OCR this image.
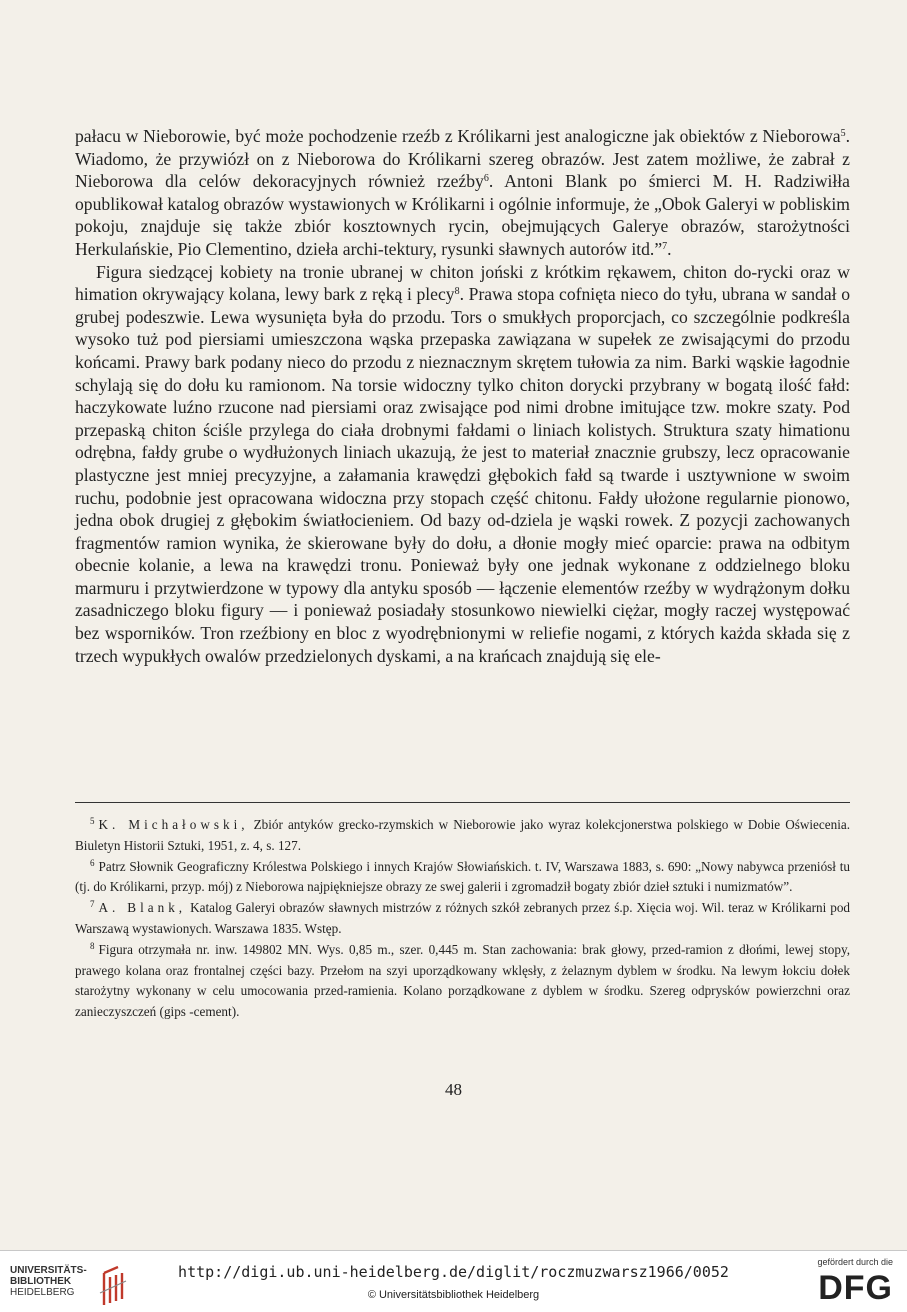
pałacu w Nieborowie, być może pochodzenie rzeźb z Królikarni jest analogiczne jak obiektów z Nieborowa$^5$. Wiadomo, że przywiózł on z Nieborowa do Królikarni szereg obrazów. Jest zatem możliwe, że zabrał z Nieborowa dla celów dekoracyjnych również rzeźby$^6$. Antoni Blank po śmierci M. H. Radziwiłła opublikował katalog obrazów wystawionych w Królikarni i ogólnie informuje, że „Obok Galeryi w pobliskim pokoju, znajduje się także zbiór kosztownych rycin, obejmujących Galerye obrazów, starożytności Herkulańskie, Pio Clementino, dzieła archi-tektury, rysunki sławnych autorów itd.”$^7$.

Figura siedzącej kobiety na tronie ubranej w chiton joński z krótkim rękawem, chiton do-rycki oraz w himation okrywający kolana, lewy bark z ręką i plecy$^8$. Prawa stopa cofnięta nieco do tyłu, ubrana w sandał o grubej podeszwie. Lewa wysunięta była do przodu. Tors o smukłych proporcjach, co szczególnie podkreśla wysoko tuż pod piersiami umieszczona wąska przepaska zawiązana w supełek ze zwisającymi do przodu końcami. Prawy bark podany nieco do przodu z nieznacznym skrętem tułowia za nim. Barki wąskie łagodnie schylają się do dołu ku ramionom. Na torsie widoczny tylko chiton dorycki przybrany w bogatą ilość fałd: haczykowate luźno rzucone nad piersiami oraz zwisające pod nimi drobne imitujące tzw. mokre szaty. Pod przepaską chiton ściśle przylega do ciała drobnymi fałdami o liniach kolistych. Struktura szaty himationu odrębna, fałdy grube o wydłużonych liniach ukazują, że jest to materiał znacznie grubszy, lecz opracowanie plastyczne jest mniej precyzyjne, a załamania krawędzi głębokich fałd są twarde i usztywnione w swoim ruchu, podobnie jest opracowana widoczna przy stopach część chitonu. Fałdy ułożone regularnie pionowo, jedna obok drugiej z głębokim światłocieniem. Od bazy od-dziela je wąski rowek. Z pozycji zachowanych fragmentów ramion wynika, że skierowane były do dołu, a dłonie mogły mieć oparcie: prawa na odbitym obecnie kolanie, a lewa na krawędzi tronu. Ponieważ były one jednak wykonane z oddzielnego bloku marmuru i przytwierdzone w typowy dla antyku sposób — łączenie elementów rzeźby w wydrążonym dołku zasadniczego bloku figury — i ponieważ posiadały stosunkowo niewielki ciężar, mogły raczej występować bez wsporników. Tron rzeźbiony en bloc z wyodrębnionymi w reliefie nogami, z których każda składa się z trzech wypukłych owalów przedzielonych dyskami, a na krańcach znajdują się ele-

$^5$ K. Michałowski, Zbiór antyków grecko-rzymskich w Nieborowie jako wyraz kolekcjonerstwa polskiego w Dobie Oświecenia. Biuletyn Historii Sztuki, 1951, z. 4, s. 127.

$^6$ Patrz Słownik Geograficzny Królestwa Polskiego i innych Krajów Słowiańskich. t. IV, Warszawa 1883, s. 690: „Nowy nabywca przeniósł tu (tj. do Królikarni, przyp. mój) z Nieborowa najpiękniejsze obrazy ze swej galerii i zgromadził bogaty zbiór dzieł sztuki i numizmatów”.

$^7$ A. Blank, Katalog Galeryi obrazów sławnych mistrzów z różnych szkół zebranych przez ś.p. Xięcia woj. Wil. teraz w Królikarni pod Warszawą wystawionych. Warszawa 1835. Wstęp.

$^8$ Figura otrzymała nr. inw. 149802 MN. Wys. 0,85 m., szer. 0,445 m. Stan zachowania: brak głowy, przed-ramion z dłońmi, lewej stopy, prawego kolana oraz frontalnej części bazy. Przełom na szyi uporządkowany wklęsły, z żelaznym dyblem w środku. Na lewym łokciu dołek starożytny wykonany w celu umocowania przed-ramienia. Kolano porządkowane z dyblem w środku. Szereg odprysków powierzchni oraz zanieczyszczeń (gips -cement).

48
UNIVERSITÄTS-
BIBLIOTHEK
HEIDELBERG
http://digi.ub.uni-heidelberg.de/diglit/roczmuzwarsz1966/0052
© Universitätsbibliothek Heidelberg
gefördert durch die
DFG
